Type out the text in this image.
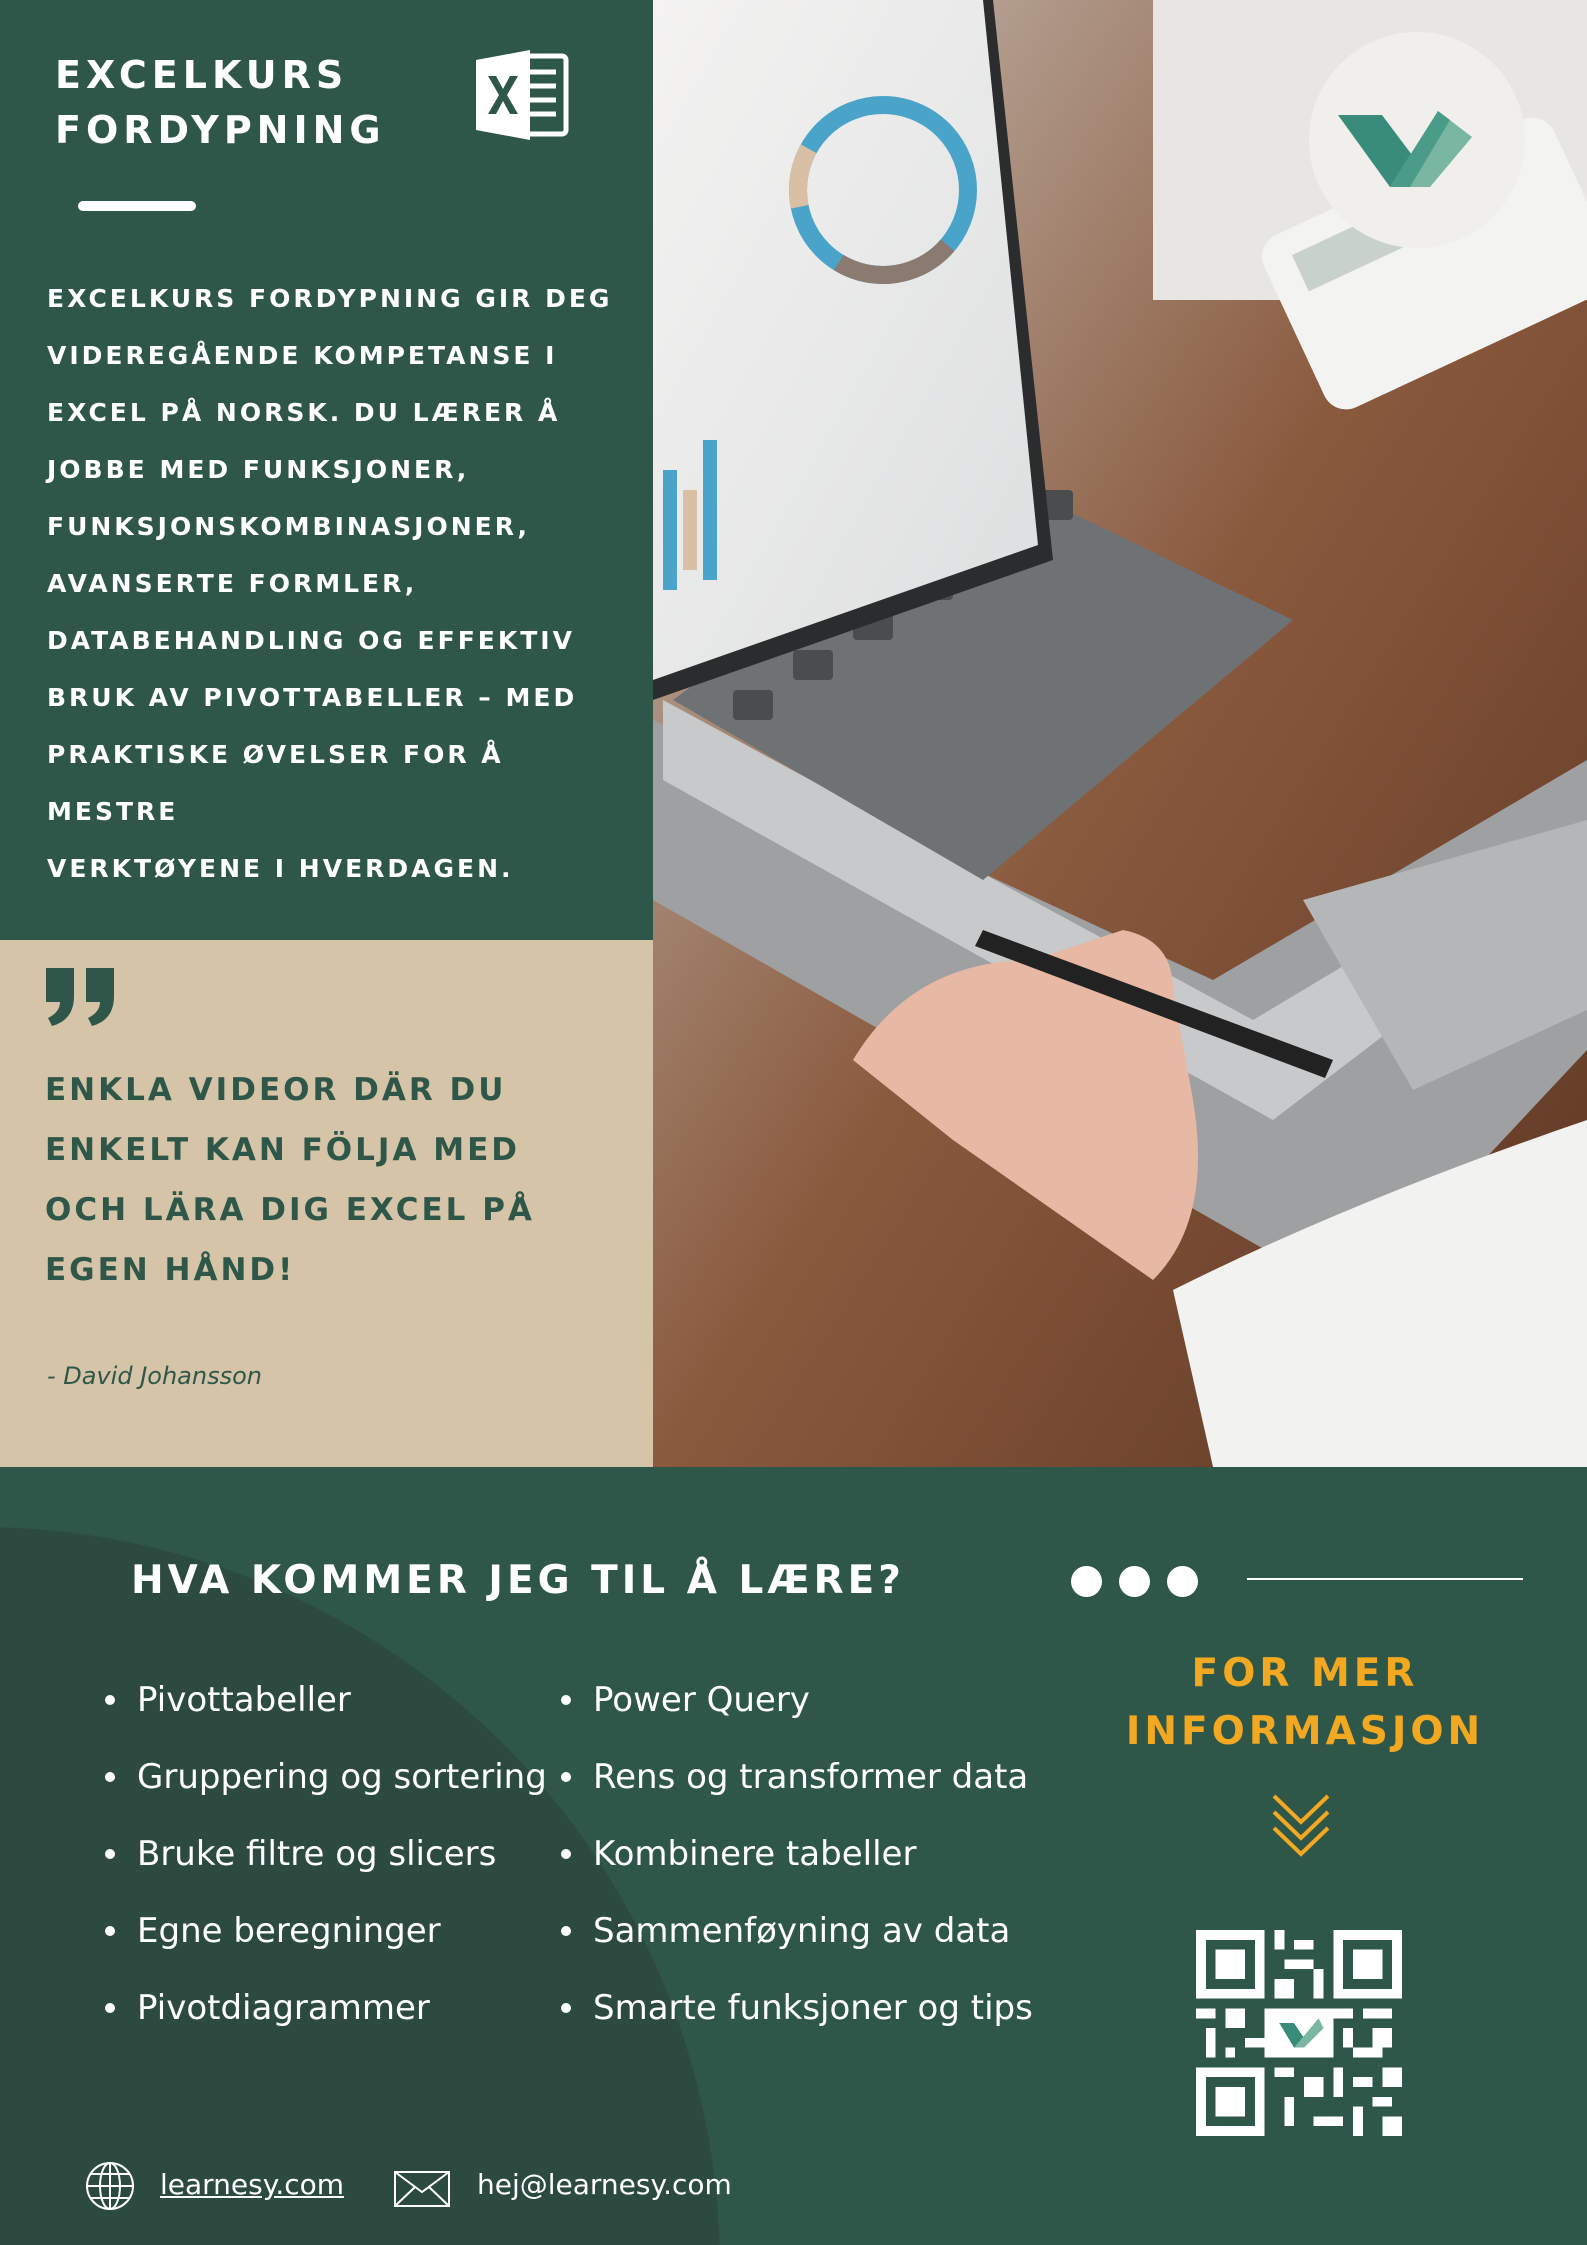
EXCELKURS
FORDYPNING
EXCELKURS FORDYPNING GIR DEG
VIDEREGÅENDE KOMPETANSE I
EXCEL PÅ NORSK. DU LÆRER Å
JOBBE MED FUNKSJONER,
FUNKSJONSKOMBINASJONER,
AVANSERTE FORMLER,
DATABEHANDLING OG EFFEKTIV
BRUK AV PIVOTTABELLER – MED
PRAKTISKE ØVELSER FOR Å MESTRE
VERKTØYENE I HVERDAGEN.
ENKLA VIDEOR DÄR DU
ENKELT KAN FÖLJA MED
OCH LÄRA DIG EXCEL PÅ
EGEN HÅND!
- David Johansson
HVA KOMMER JEG TIL Å LÆRE?
Pivottabeller
Gruppering og sortering
Bruke filtre og slicers
Egne beregninger
Pivotdiagrammer
Power Query
Rens og transformer data
Kombinere tabeller
Sammenføyning av data
Smarte funksjoner og tips
FOR MER
INFORMASJON
learnesy.com	hej@learnesy.com
